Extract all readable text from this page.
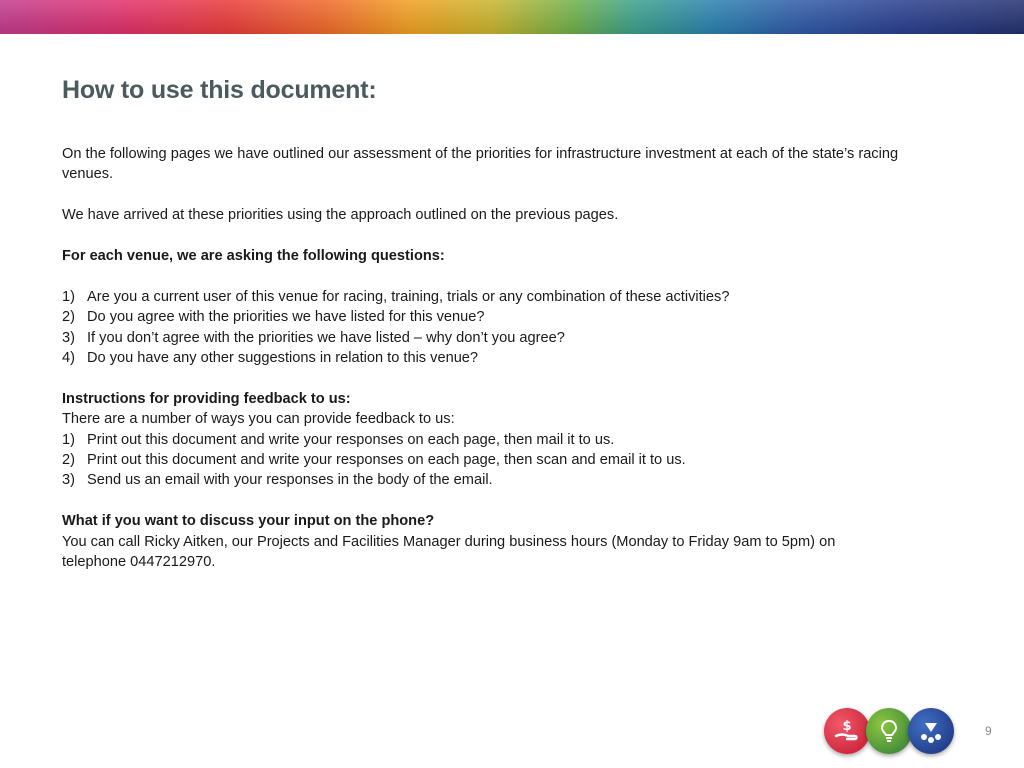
How to use this document:

On the following pages we have outlined our assessment of the priorities for infrastructure investment at each of the state’s racing venues.

We have arrived at these priorities using the approach outlined on the previous pages.

For each venue, we are asking the following questions:

1) Are you a current user of this venue for racing, training, trials or any combination of these activities?
2) Do you agree with the priorities we have listed for this venue?
3) If you don’t agree with the priorities we have listed – why don’t you agree?
4) Do you have any other suggestions in relation to this venue?

Instructions for providing feedback to us:

There are a number of ways you can provide feedback to us:

1) Print out this document and write your responses on each page, then mail it to us.
2) Print out this document and write your responses on each page, then scan and email it to us.
3) Send us an email with your responses in the body of the email.

What if you want to discuss your input on the phone?

You can call Ricky Aitken, our Projects and Facilities Manager during business hours (Monday to Friday 9am to 5pm) on telephone 0447212970.

$	9
